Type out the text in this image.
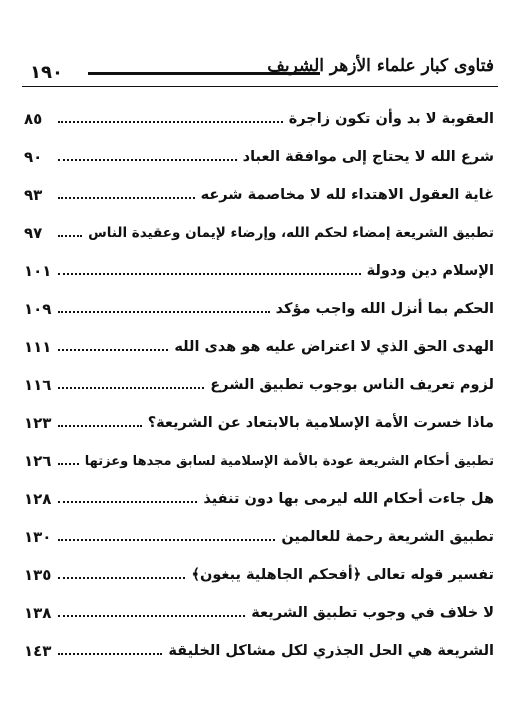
١٩٠	فتاوى كبار علماء الأزهر الشريف
٨٥	العقوبة لا بد وأن تكون زاجرة
٩٠	شرع الله لا يحتاج إلى موافقة العباد
٩٣	غاية العقول الاهتداء لله لا مخاصمة شرعه
٩٧	تطبيق الشريعة إمضاء لحكم الله، وإرضاء لإيمان وعقيدة الناس
١٠١	الإسلام دين ودولة
١٠٩	الحكم بما أنزل الله واجب مؤكد
١١١	الهدى الحق الذي لا اعتراض عليه هو هدى الله
١١٦	لزوم تعريف الناس بوجوب تطبيق الشرع
١٢٣	ماذا خسرت الأمة الإسلامية بالابتعاد عن الشريعة؟
١٢٦	تطبيق أحكام الشريعة عودة بالأمة الإسلامية لسابق مجدها وعزتها
١٢٨	هل جاءت أحكام الله ليرمى بها دون تنفيذ
١٣٠	تطبيق الشريعة رحمة للعالمين
١٣٥	تفسير قوله تعالى ﴿أفحكم الجاهلية يبغون﴾
١٣٨	لا خلاف في وجوب تطبيق الشريعة
١٤٣	الشريعة هي الحل الجذري لكل مشاكل الخليقة
